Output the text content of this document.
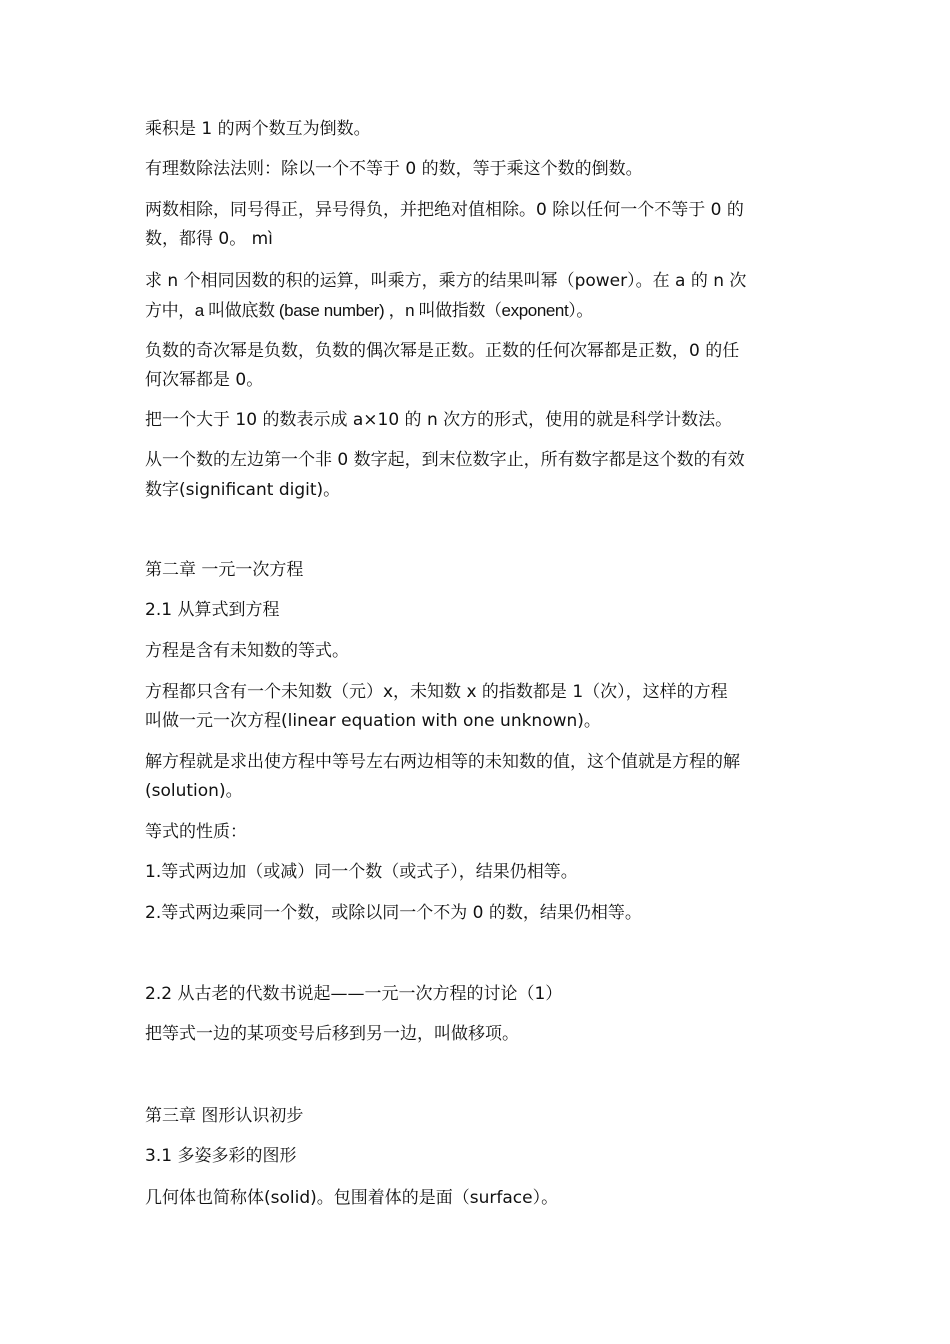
乘积是 1 的两个数互为倒数。
有理数除法法则：除以一个不等于 0 的数，等于乘这个数的倒数。
两数相除，同号得正，异号得负，并把绝对值相除。0 除以任何一个不等于 0 的
数，都得 0。 mì
求 n 个相同因数的积的运算，叫乘方，乘方的结果叫幂（power）。在 a 的 n 次
方中，a 叫做底数 (base number) ，n 叫做指数（exponent）。
负数的奇次幂是负数，负数的偶次幂是正数。正数的任何次幂都是正数，0 的任
何次幂都是 0。
把一个大于 10 的数表示成 a×10 的 n 次方的形式，使用的就是科学计数法。
从一个数的左边第一个非 0 数字起，到末位数字止，所有数字都是这个数的有效
数字(significant digit)。
第二章 一元一次方程
2.1 从算式到方程
方程是含有未知数的等式。
方程都只含有一个未知数（元）x，未知数 x 的指数都是 1（次），这样的方程
叫做一元一次方程(linear equation with one unknown)。
解方程就是求出使方程中等号左右两边相等的未知数的值，这个值就是方程的解
(solution)。
等式的性质：
1.等式两边加（或减）同一个数（或式子），结果仍相等。
2.等式两边乘同一个数，或除以同一个不为 0 的数，结果仍相等。
2.2 从古老的代数书说起——一元一次方程的讨论（1）
把等式一边的某项变号后移到另一边，叫做移项。
第三章 图形认识初步
3.1 多姿多彩的图形
几何体也简称体(solid)。包围着体的是面（surface）。
